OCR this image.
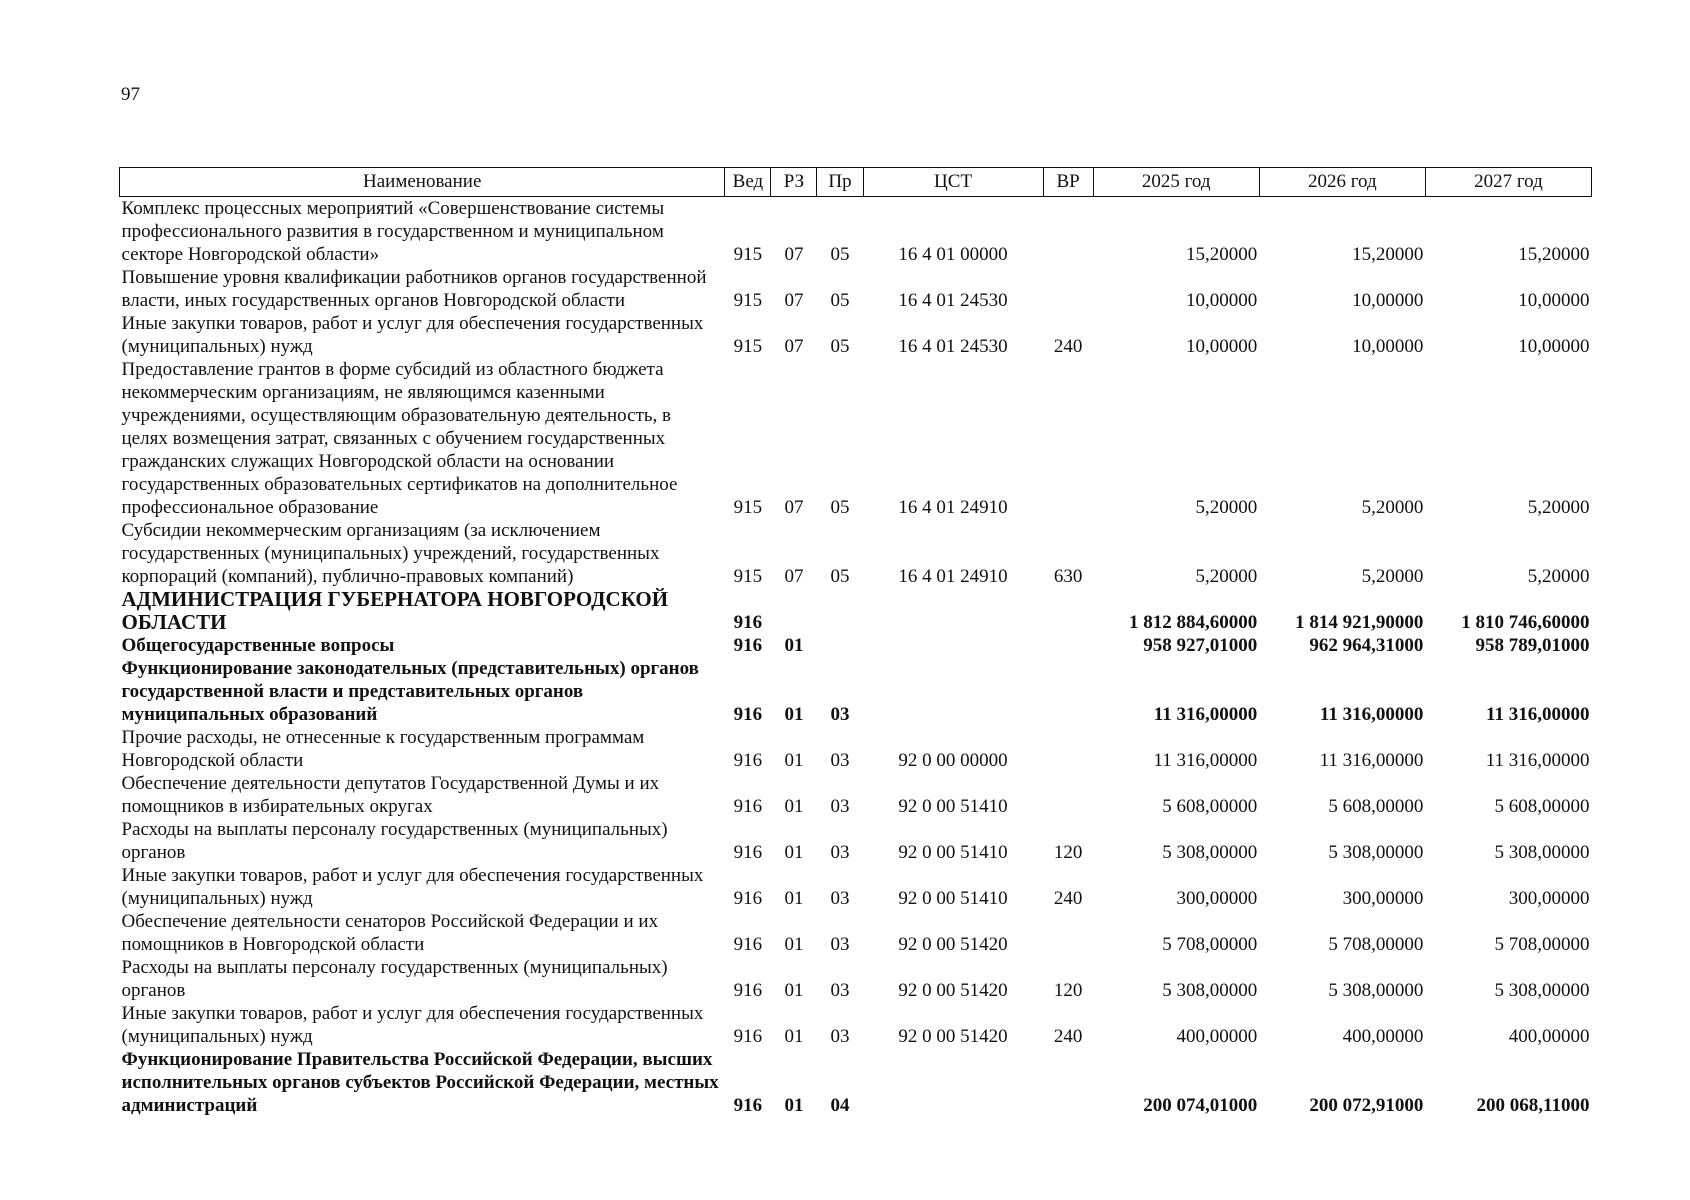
97
Наименование	Вед	РЗ	Пр	ЦСТ	ВР	2025 год	2026 год	2027 год
Комплекс процессных мероприятий «Совершенствование системы профессионального развития в государственном и муниципальном секторе Новгородской области»	915	07	05	16 4 01 00000		15,20000	15,20000	15,20000
Повышение уровня квалификации работников органов государственной власти, иных государственных органов Новгородской области	915	07	05	16 4 01 24530		10,00000	10,00000	10,00000
Иные закупки товаров, работ и услуг для обеспечения государственных (муниципальных) нужд	915	07	05	16 4 01 24530	240	10,00000	10,00000	10,00000
Предоставление грантов в форме субсидий из областного бюджета некоммерческим организациям, не являющимся казенными учреждениями, осуществляющим образовательную деятельность, в целях возмещения затрат, связанных с обучением государственных гражданских служащих Новгородской области на основании государственных образовательных сертификатов на дополнительное профессиональное образование	915	07	05	16 4 01 24910		5,20000	5,20000	5,20000
Субсидии некоммерческим организациям (за исключением государственных (муниципальных) учреждений, государственных корпораций (компаний), публично-правовых компаний)	915	07	05	16 4 01 24910	630	5,20000	5,20000	5,20000
АДМИНИСТРАЦИЯ ГУБЕРНАТОРА НОВГОРОДСКОЙ ОБЛАСТИ	916					1 812 884,60000	1 814 921,90000	1 810 746,60000
Общегосударственные вопросы	916	01				958 927,01000	962 964,31000	958 789,01000
Функционирование законодательных (представительных) органов государственной власти и представительных органов муниципальных образований	916	01	03			11 316,00000	11 316,00000	11 316,00000
Прочие расходы, не отнесенные к государственным программам Новгородской области	916	01	03	92 0 00 00000		11 316,00000	11 316,00000	11 316,00000
Обеспечение деятельности депутатов Государственной Думы и их помощников в избирательных округах	916	01	03	92 0 00 51410		5 608,00000	5 608,00000	5 608,00000
Расходы на выплаты персоналу государственных (муниципальных) органов	916	01	03	92 0 00 51410	120	5 308,00000	5 308,00000	5 308,00000
Иные закупки товаров, работ и услуг для обеспечения государственных (муниципальных) нужд	916	01	03	92 0 00 51410	240	300,00000	300,00000	300,00000
Обеспечение деятельности сенаторов Российской Федерации и их помощников в Новгородской области	916	01	03	92 0 00 51420		5 708,00000	5 708,00000	5 708,00000
Расходы на выплаты персоналу государственных (муниципальных) органов	916	01	03	92 0 00 51420	120	5 308,00000	5 308,00000	5 308,00000
Иные закупки товаров, работ и услуг для обеспечения государственных (муниципальных) нужд	916	01	03	92 0 00 51420	240	400,00000	400,00000	400,00000
Функционирование Правительства Российской Федерации, высших исполнительных органов субъектов Российской Федерации, местных администраций	916	01	04			200 074,01000	200 072,91000	200 068,11000
